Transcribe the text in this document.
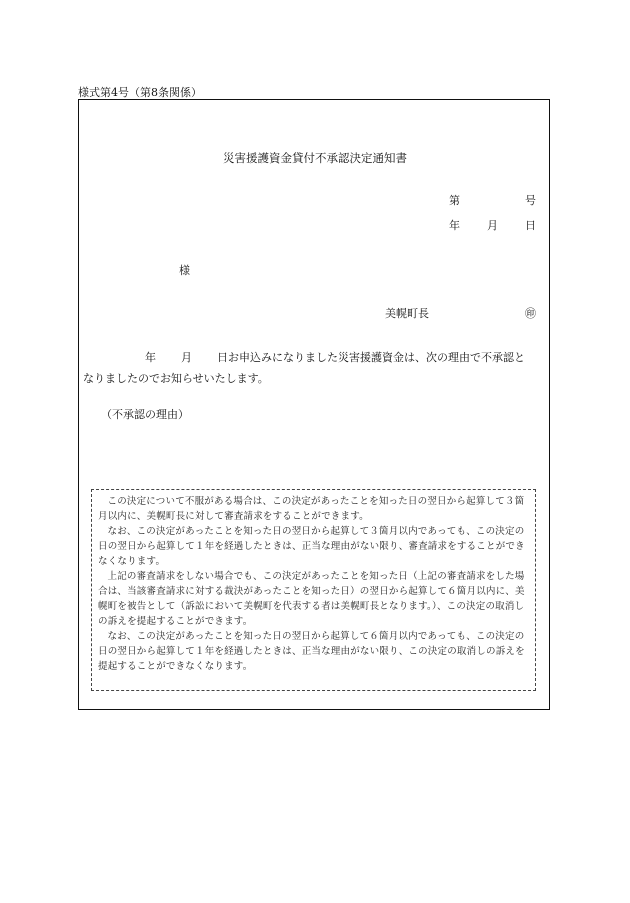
様式第4号（第8条関係）
災害援護資金貸付不承認決定通知書
第	号
年 月 日
様
美幌町長	㊞
年 月 日お申込みになりました災害援護資金は、次の理由で不承認と
なりましたのでお知らせいたします。
（不承認の理由）

この決定について不服がある場合は、この決定があったことを知った日の翌日から起算して３箇月以内に、美幌町長に対して審査請求をすることができます。

なお、この決定があったことを知った日の翌日から起算して３箇月以内であっても、この決定の日の翌日から起算して１年を経過したときは、正当な理由がない限り、審査請求をすることができなくなります。

上記の審査請求をしない場合でも、この決定があったことを知った日（上記の審査請求をした場合は、当該審査請求に対する裁決があったことを知った日）の翌日から起算して６箇月以内に、美幌町を被告として（訴訟において美幌町を代表する者は美幌町長となります。）、この決定の取消しの訴えを提起することができます。

なお、この決定があったことを知った日の翌日から起算して６箇月以内であっても、この決定の日の翌日から起算して１年を経過したときは、正当な理由がない限り、この決定の取消しの訴えを提起することができなくなります。
